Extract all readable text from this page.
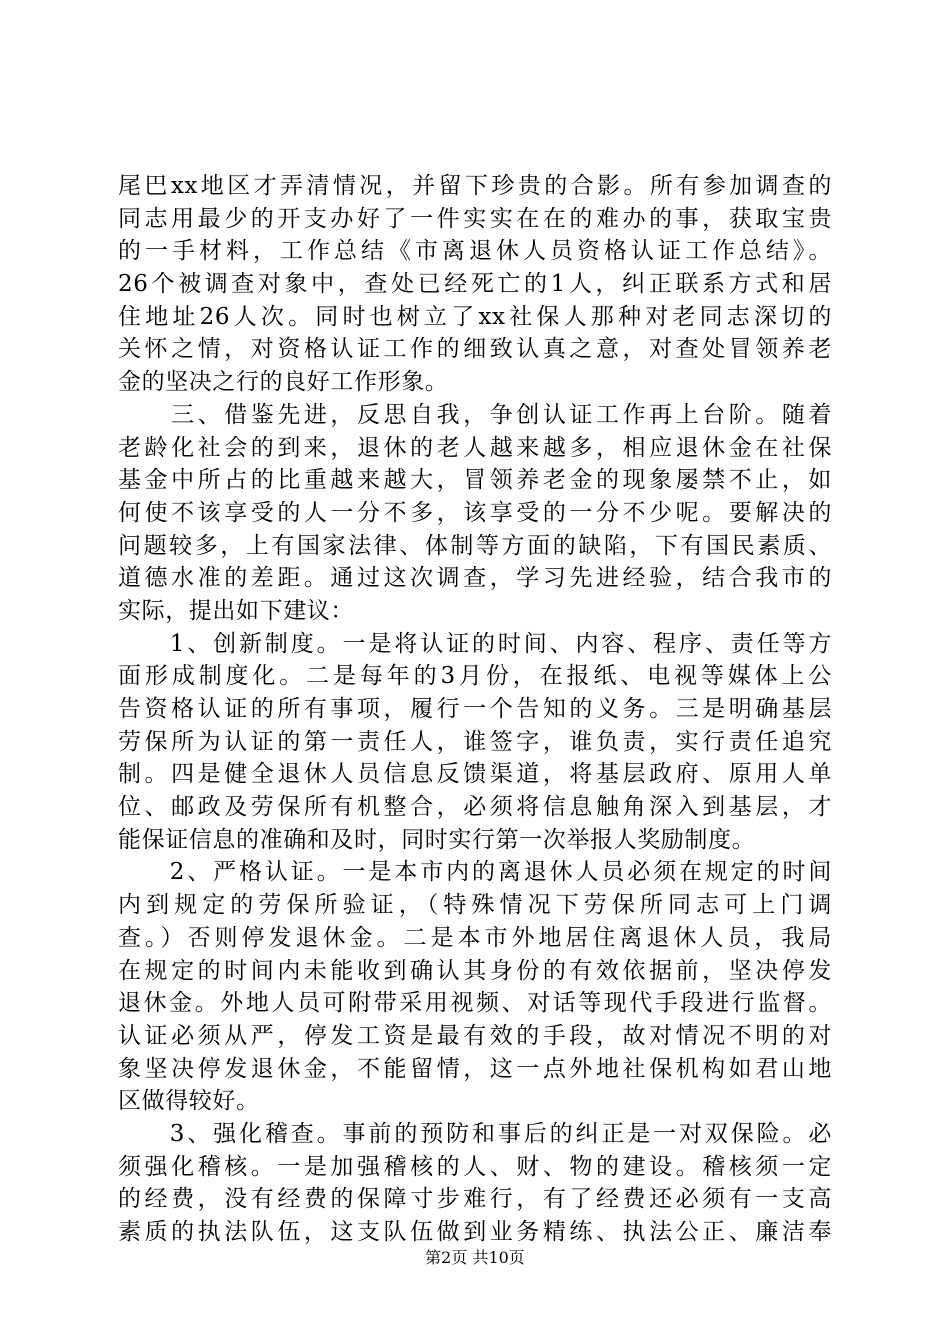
尾巴xx地区才弄清情况，并留下珍贵的合影。所有参加调查的
同志用最少的开支办好了一件实实在在的难办的事，获取宝贵
的一手材料，工作总结《市离退休人员资格认证工作总结》。
26个被调查对象中，查处已经死亡的1人，纠正联系方式和居
住地址26人次。同时也树立了xx社保人那种对老同志深切的
关怀之情，对资格认证工作的细致认真之意，对查处冒领养老
金的坚决之行的良好工作形象。
　　三、借鉴先进，反思自我，争创认证工作再上台阶。随着
老龄化社会的到来，退休的老人越来越多，相应退休金在社保
基金中所占的比重越来越大，冒领养老金的现象屡禁不止，如
何使不该享受的人一分不多，该享受的一分不少呢。要解决的
问题较多，上有国家法律、体制等方面的缺陷，下有国民素质、
道德水准的差距。通过这次调查，学习先进经验，结合我市的
实际，提出如下建议：
　　1、创新制度。一是将认证的时间、内容、程序、责任等方
面形成制度化。二是每年的3月份，在报纸、电视等媒体上公
告资格认证的所有事项，履行一个告知的义务。三是明确基层
劳保所为认证的第一责任人，谁签字，谁负责，实行责任追究
制。四是健全退休人员信息反馈渠道，将基层政府、原用人单
位、邮政及劳保所有机整合，必须将信息触角深入到基层，才
能保证信息的准确和及时，同时实行第一次举报人奖励制度。
　　2、严格认证。一是本市内的离退休人员必须在规定的时间
内到规定的劳保所验证，（特殊情况下劳保所同志可上门调
查。）否则停发退休金。二是本市外地居住离退休人员，我局
在规定的时间内未能收到确认其身份的有效依据前，坚决停发
退休金。外地人员可附带采用视频、对话等现代手段进行监督。
认证必须从严，停发工资是最有效的手段，故对情况不明的对
象坚决停发退休金，不能留情，这一点外地社保机构如君山地
区做得较好。
　　3、强化稽查。事前的预防和事后的纠正是一对双保险。必
须强化稽核。一是加强稽核的人、财、物的建设。稽核须一定
的经费，没有经费的保障寸步难行，有了经费还必须有一支高
素质的执法队伍，这支队伍做到业务精练、执法公正、廉洁奉
第2页 共10页
